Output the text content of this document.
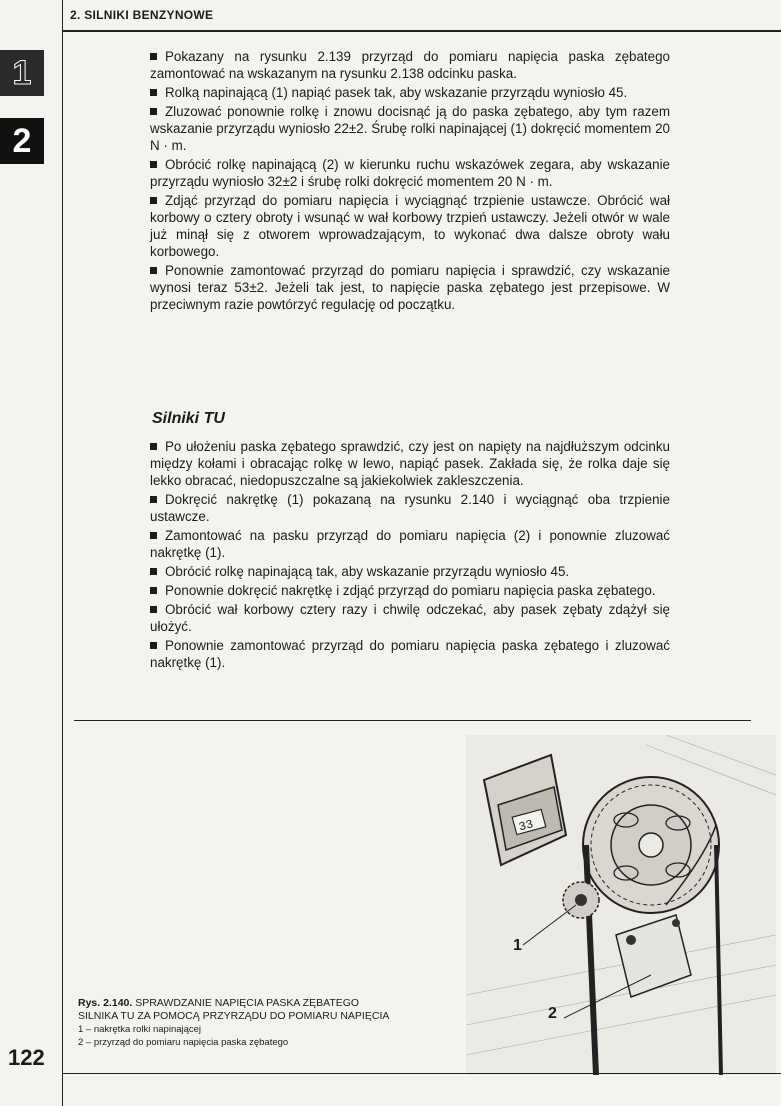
2. SILNIKI BENZYNOWE
1
2

Pokazany na rysunku 2.139 przyrząd do pomiaru napięcia paska zębatego zamontować na wskazanym na rysunku 2.138 odcinku paska.

Rolką napinającą (1) napiąć pasek tak, aby wskazanie przyrządu wyniosło 45.

Zluzować ponownie rolkę i znowu docisnąć ją do paska zębatego, aby tym razem wskazanie przyrządu wyniosło 22±2. Śrubę rolki napinającej (1) dokręcić momentem 20 N · m.

Obrócić rolkę napinającą (2) w kierunku ruchu wskazówek zegara, aby wskazanie przyrządu wyniosło 32±2 i śrubę rolki dokręcić momentem 20 N · m.

Zdjąć przyrząd do pomiaru napięcia i wyciągnąć trzpienie ustawcze. Obrócić wał korbowy o cztery obroty i wsunąć w wał korbowy trzpień ustawczy. Jeżeli otwór w wale już minął się z otworem wprowadzającym, to wykonać dwa dalsze obroty wału korbowego.

Ponownie zamontować przyrząd do pomiaru napięcia i sprawdzić, czy wskazanie wynosi teraz 53±2. Jeżeli tak jest, to napięcie paska zębatego jest przepisowe. W przeciwnym razie powtórzyć regulację od początku.

Silniki TU

Po ułożeniu paska zębatego sprawdzić, czy jest on napięty na najdłuższym odcinku między kołami i obracając rolkę w lewo, napiąć pasek. Zakłada się, że rolka daje się lekko obracać, niedopuszczalne są jakiekolwiek zakleszczenia.

Dokręcić nakrętkę (1) pokazaną na rysunku 2.140 i wyciągnąć oba trzpienie ustawcze.

Zamontować na pasku przyrząd do pomiaru napięcia (2) i ponownie zluzować nakrętkę (1).

Obrócić rolkę napinającą tak, aby wskazanie przyrządu wyniosło 45.

Ponownie dokręcić nakrętkę i zdjąć przyrząd do pomiaru napięcia paska zębatego.

Obrócić wał korbowy cztery razy i chwilę odczekać, aby pasek zębaty zdążył się ułożyć.

Ponownie zamontować przyrząd do pomiaru napięcia paska zębatego i zluzować nakrętkę (1).

33
1
2
Rys. 2.140. SPRAWDZANIE NAPIĘCIA PASKA ZĘBATEGO
SILNIKA TU ZA POMOCĄ PRZYRZĄDU DO POMIARU NAPIĘCIA
1 – nakrętka rolki napinającej
2 – przyrząd do pomiaru napięcia paska zębatego
122
